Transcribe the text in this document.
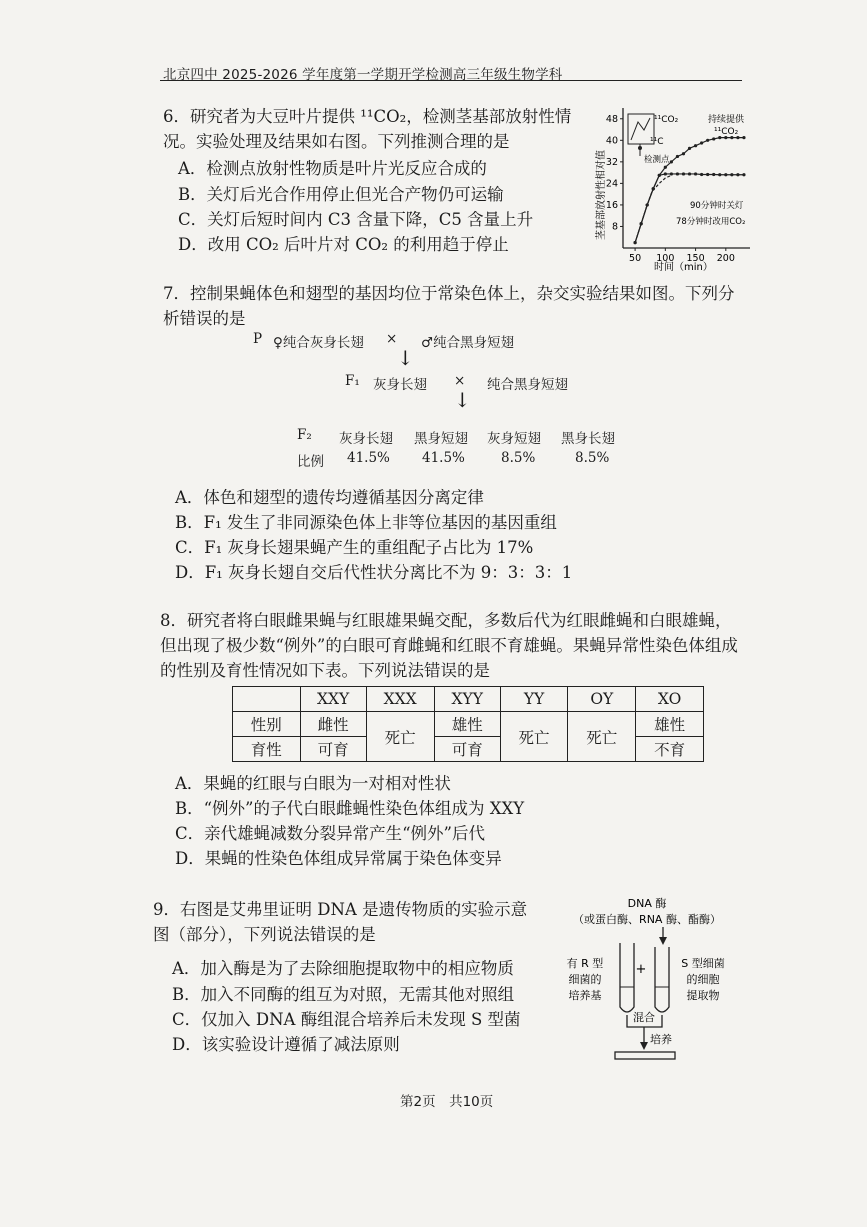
北京四中 2025-2026 学年度第一学期开学检测高三年级生物学科
6．研究者为大豆叶片提供 ¹¹CO₂，检测茎基部放射性情
况。实验处理及结果如右图。下列推测合理的是
A．检测点放射性物质是叶片光反应合成的
B．关灯后光合作用停止但光合产物仍可运输
C．关灯后短时间内 C3 含量下降，C5 含量上升
D．改用 CO₂ 后叶片对 CO₂ 的利用趋于停止
50 100 150 200
8
16
24
32
40
48	¹¹CO₂
¹¹C
检测点
持续提供
¹¹CO₂
90分钟时关灯
78分钟时改用CO₂
时间（min）
茎基部放射性相对值
7．控制果蝇体色和翅型的基因均位于常染色体上，杂交实验结果如图。下列分
析错误的是
P ♀纯合灰身长翅 × ♂纯合黑身短翅
↓
F₁ 灰身长翅 × 纯合黑身短翅
↓
F₂ 灰身长翅 黑身短翅 灰身短翅 黑身长翅
比例 41.5% 41.5%	8.5%	8.5%
A．体色和翅型的遗传均遵循基因分离定律
B．F₁ 发生了非同源染色体上非等位基因的基因重组
C．F₁ 灰身长翅果蝇产生的重组配子占比为 17%
D．F₁ 灰身长翅自交后代性状分离比不为 9：3：3：1
8．研究者将白眼雌果蝇与红眼雄果蝇交配，多数后代为红眼雌蝇和白眼雄蝇，
但出现了极少数“例外”的白眼可育雌蝇和红眼不育雄蝇。果蝇异常性染色体组成
的性别及育性情况如下表。下列说法错误的是
	XXY	XXX	XYY	YY	OY	XO
性别	雌性	死亡	雄性	死亡	死亡	雄性
育性	可育		可育			不育
A．果蝇的红眼与白眼为一对相对性状
B．“例外”的子代白眼雌蝇性染色体组成为 XXY
C．亲代雄蝇减数分裂异常产生“例外”后代
D．果蝇的性染色体组成异常属于染色体变异
9．右图是艾弗里证明 DNA 是遗传物质的实验示意
图（部分），下列说法错误的是
A．加入酶是为了去除细胞提取物中的相应物质
B．加入不同酶的组互为对照，无需其他对照组
C．仅加入 DNA 酶组混合培养后未发现 S 型菌
D．该实验设计遵循了减法原则
DNA 酶
（或蛋白酶、RNA 酶、酯酶）
+
有 R 型
细菌的
培养基
S 型细菌
的细胞
提取物
混合
培养
第2页　共10页
